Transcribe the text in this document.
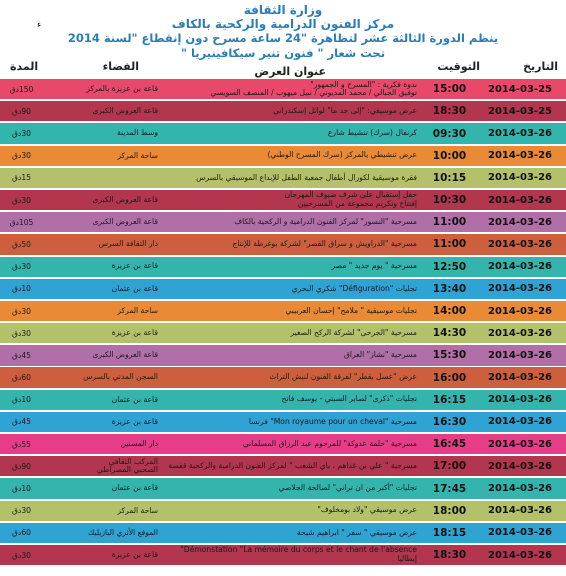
وزارة الثقافة
مركز الفنون الدرامية والركحية بالكاف
ء
ينظم الدورة الثالثة عشر لتظاهرة "24 ساعة مسرح دون إنقطاع "لسنة 2014
تحت شعار " فنون تنير سيكافينيريا "
التاريخ
التوقيت
عنوان العرض
الفضاء
المدة
2014-03-25
15:00
ندوة فكرية : "المسرح و الجمهور"
توفيق الجبالي / محمد المديوني / نبيل ميهوب / المنصف السويسي
قاعة بن عزيزة بالمركز
150دق
2014-03-25
18:30
عرض موسيقي: "إلى حد ما" لوائل إسكندراني
قاعة العروض الكبرى
90دق
2014-03-26
09:30
كرنفال (سرك) تنشيط شارع
وسط المدينة
30دق
2014-03-26
10:00
عرض تنشيطي بالمركز (سرك المسرح الوطني)
ساحة المركز
30دق
2014-03-26
10:15
فقرة موسيقية لكورال أطفال جمعية الطفل للإبداع الموسيقي بالسرس
15دق
2014-03-26
10:30
حفل إستقبال على شرف ضيوف المهرجان
إفتتاح وتكريم مجموعة من المسرحيين
قاعة العروض الكبرى
30دق
2014-03-26
11:00
مسرحية "النسور" لمركز الفنون الدرامية و الركحية بالكاف
قاعة العروض الكبرى
105دق
2014-03-26
11:00
مسرحية "الدراويش و سراق القصر" لشركة بوغرطة للإنتاج
دار الثقافة السرس
50دق
2014-03-26
12:50
مسرحية " يوم جديد " مصر
قاعة بن عزيزة
30دق
2014-03-26
13:40
تجليات "Défiguration" شكري البحري
قاعة بن عثمان
10دق
2014-03-26
14:00
تجليات موسيقية " ملامح" إحسان العربيبي
ساحة المركز
30دق
2014-03-26
14:30
مسرحية "الجرحى" لشركة الركح الصغير
قاعة بن عزيزة
30دق
2014-03-26
15:30
مسرحية "نشاز" العراق
قاعة العروض الكبرى
45دق
2014-03-26
16:00
عرض "عسل بقطر" لفرقة الفنون لنبش التراث
السجن المدني بالسرس
60دق
2014-03-26
16:15
تجليات "ذكرى" لصابر السبتي - يوسف فاتح
قاعة بن عثمان
10دق
2014-03-26
16:30
مسرحية "Mon royaume pour un cheval" فرنسا
قاعة بن عزيزة
45دق
2014-03-26
16:45
مسرحية "حلمة عدوكة" للمرحوم عبد الرزاق المسلماني
دار المسنين
55دق
2014-03-26
17:00
مسرحية " علي بن غذاهم ، باي الشعب " لمركز الفنون الدرامية والركحية قفصة
المركب الثقافي
الصحبي المصراطي
90دق
2014-03-26
17:45
تجليات "أكبر من ان تراني" لصالحة الجلاصي
قاعة بن عثمان
10دق
2014-03-26
18:00
عرض موسيقي "ولاد بومخلوف"
ساحة المركز
30دق
2014-03-26
18:15
عرض موسيقي " سفر " ابراهيم شيحة
الموقع الأثري البازيليك
60دق
2014-03-26
18:30
Démonstation "La mémoire du corps et le chant de l'absence" إيطاليا
قاعة بن عزيزة
30دق
